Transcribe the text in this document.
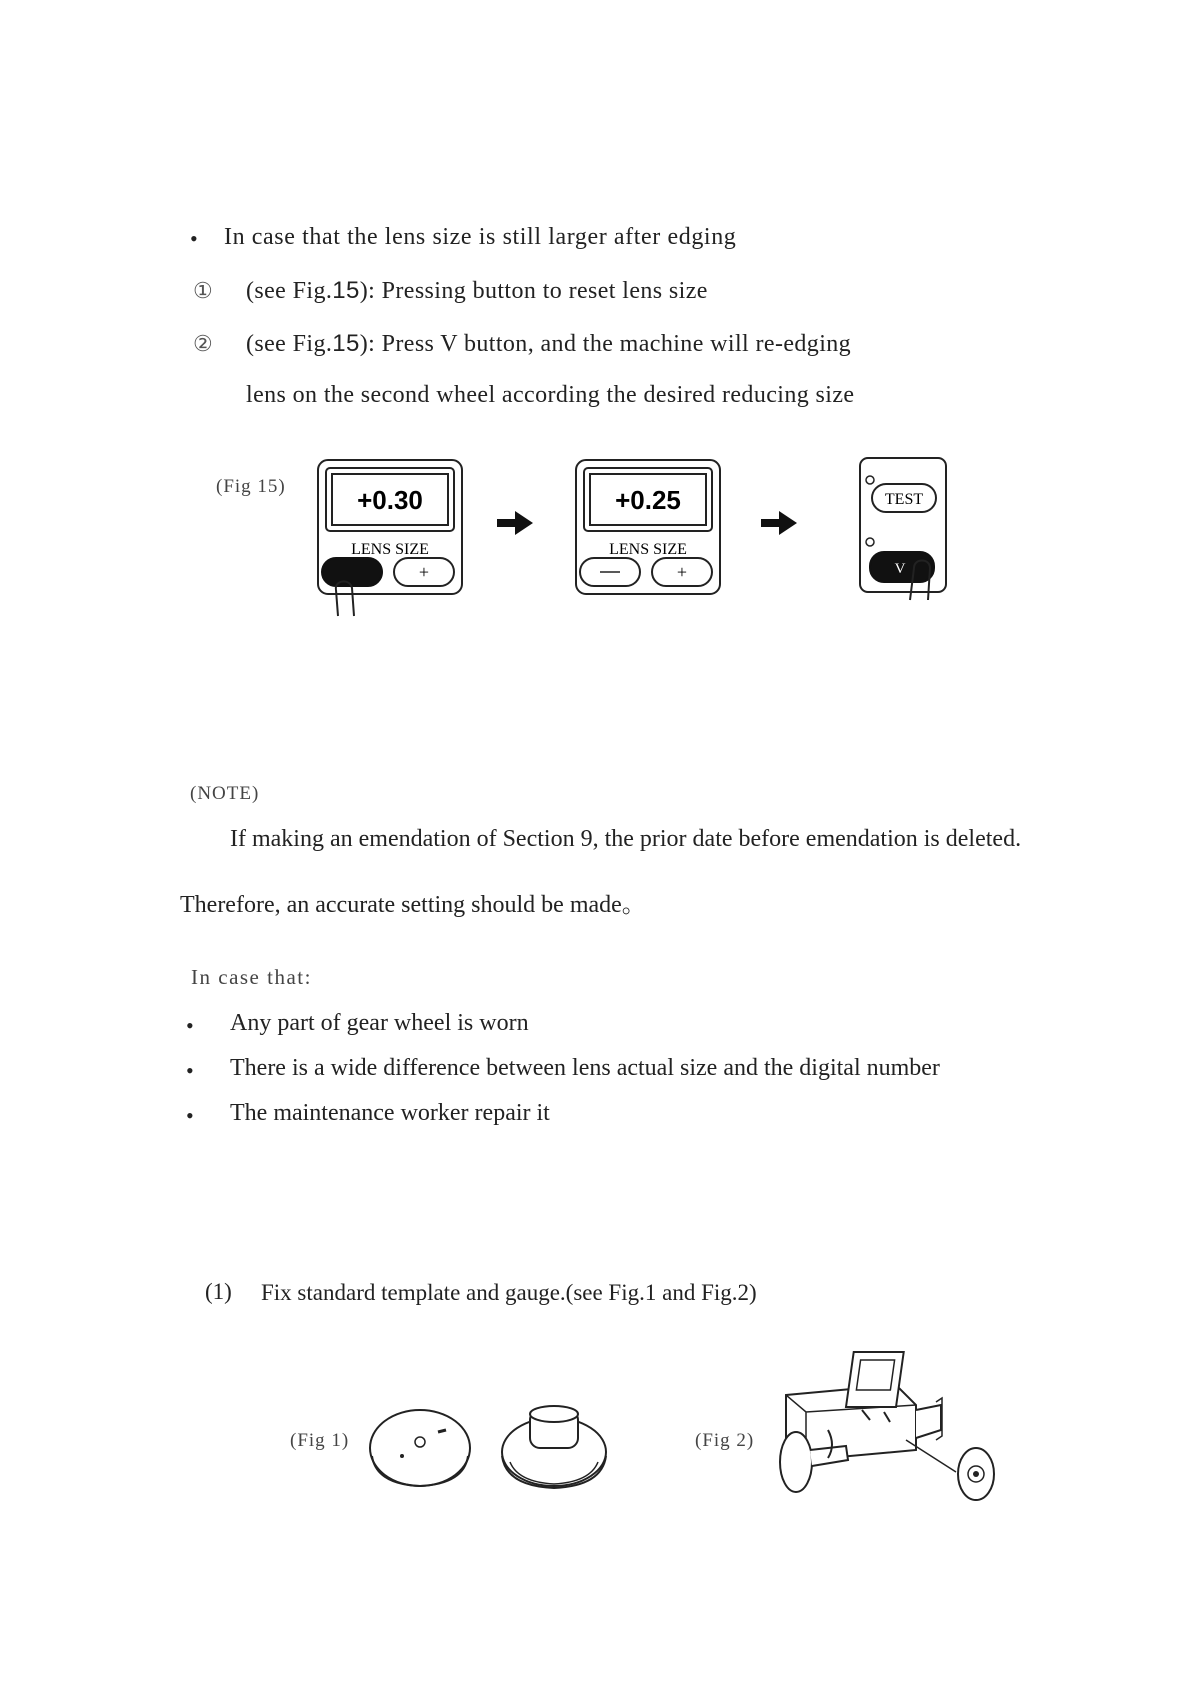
• In case that the lens size is still larger after edging
① (see Fig.15): Pressing button to reset lens size
② (see Fig.15): Press V button, and the machine will re-edging
lens on the second wheel according the desired reducing size
(Fig 15)	+0.30
LENS SIZE
+
+0.25
LENS SIZE
+
TEST
V
(NOTE)
If making an emendation of Section 9, the prior date before emendation is deleted.
Therefore, an accurate setting should be made。
In case that:
• Any part of gear wheel is worn
• There is a wide difference between lens actual size and the digital number
• The maintenance worker repair it
(1) Fix standard template and gauge.(see Fig.1 and Fig.2)
(Fig 1)	(Fig 2)
